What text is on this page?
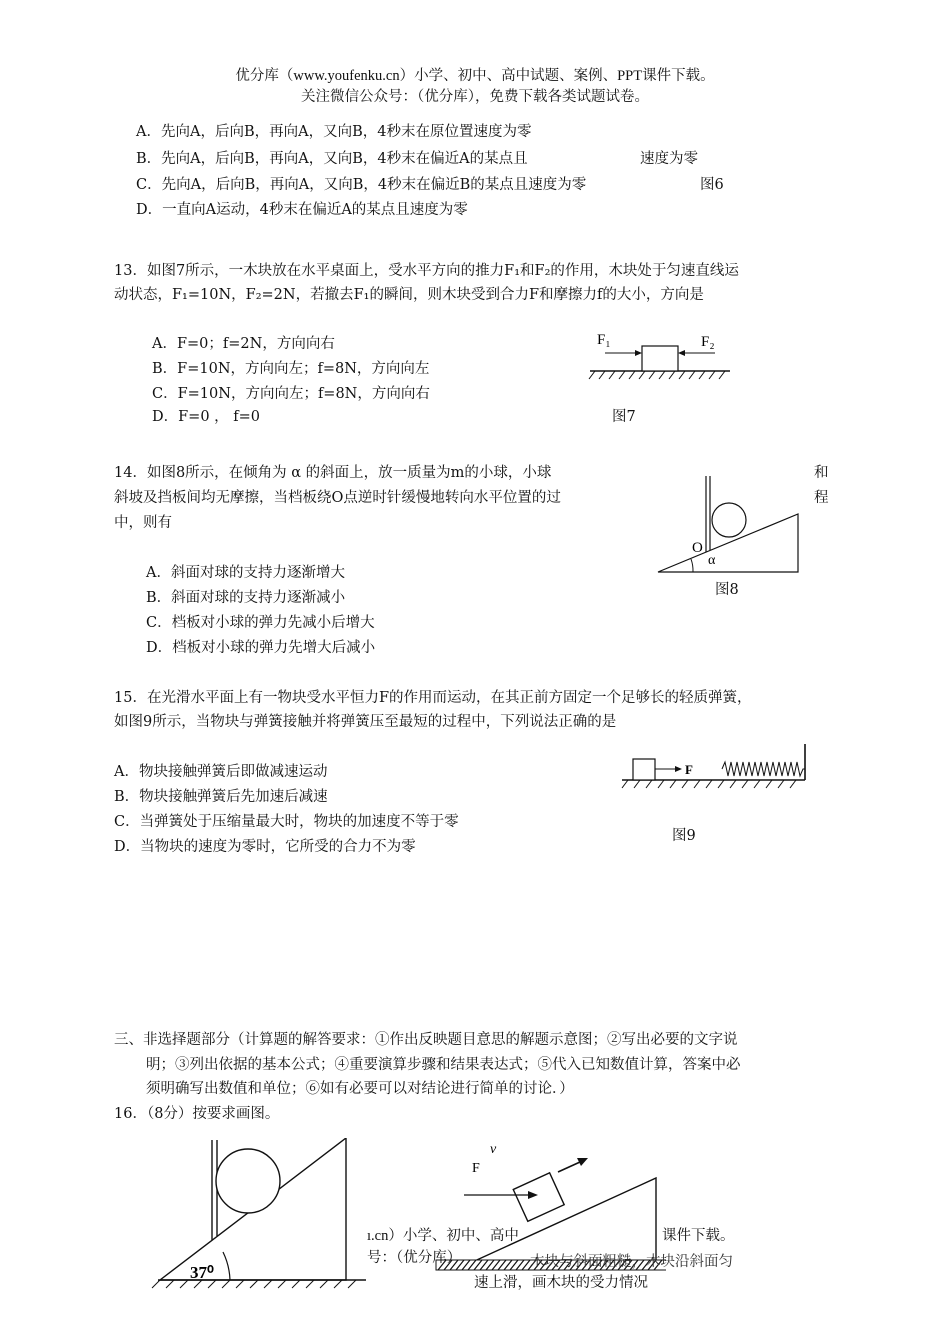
优分库（www.youfenku.cn）小学、初中、高中试题、案例、PPT课件下载。
关注微信公众号：（优分库），免费下载各类试题试卷。
A．先向A，后向B，再向A，又向B，4秒末在原位置速度为零
B．先向A，后向B，再向A，又向B，4秒末在偏近A的某点且	速度为零
C．先向A，后向B，再向A，又向B，4秒末在偏近B的某点且速度为零	图6
D．一直向A运动，4秒末在偏近A的某点且速度为零
13．如图7所示，一木块放在水平桌面上，受水平方向的推力F₁和F₂的作用，木块处于匀速直线运
动状态，F₁=10N，F₂=2N，若撤去F₁的瞬间，则木块受到合力F和摩擦力f的大小，方向是
A．F=0；f=2N，方向向右
B．F=10N，方向向左；f=8N，方向向左
C．F=10N，方向向左；f=8N，方向向右
D．F=0 ， f=0
F₁	F₂
图7
14．如图8所示，在倾角为 α 的斜面上，放一质量为m的小球，小球	和
斜坡及挡板间均无摩擦，当档板绕O点逆时针缓慢地转向水平位置的过	程
中，则有
A．斜面对球的支持力逐渐增大
B．斜面对球的支持力逐渐减小
C．档板对小球的弹力先减小后增大
D．档板对小球的弹力先增大后减小
O
α
图8
15．在光滑水平面上有一物块受水平恒力F的作用而运动，在其正前方固定一个足够长的轻质弹簧，
如图9所示，当物块与弹簧接触并将弹簧压至最短的过程中，下列说法正确的是
A．物块接触弹簧后即做减速运动
B．物块接触弹簧后先加速后减速
C．当弹簧处于压缩量最大时，物块的加速度不等于零
D．当物块的速度为零时，它所受的合力不为零
F
图9
三、非选择题部分（计算题的解答要求：①作出反映题目意思的解题示意图；②写出必要的文字说
明；③列出依据的基本公式；④重要演算步骤和结果表达式；⑤代入已知数值计算，答案中必
须明确写出数值和单位；⑥如有必要可以对结论进行简单的讨论．）
16．（8分）按要求画图。
37⁰
v
F
ı.cn）小学、初中、高中	课件下载。
号：（优分库）	木块与斜面粗糙，木块沿斜面匀
速上滑，画木块的受力情况
